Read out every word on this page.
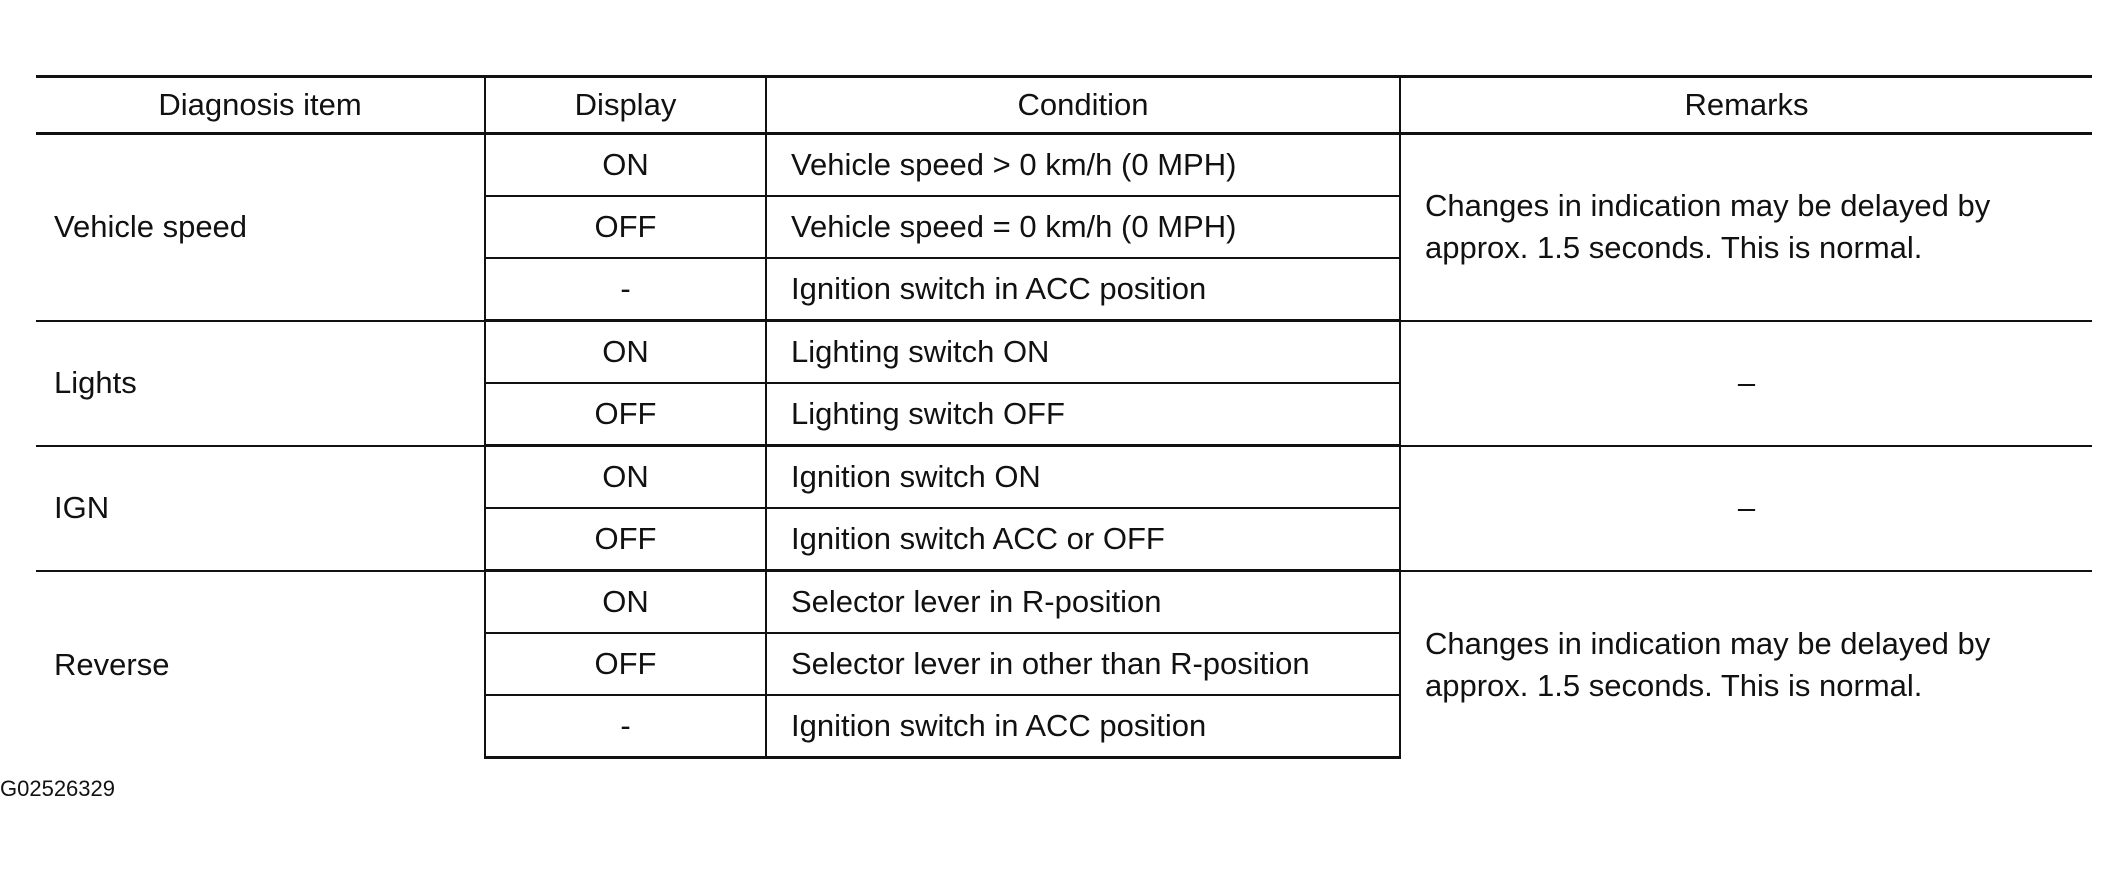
Diagnosis item	Display	Condition	Remarks
Vehicle speed	ON	Vehicle speed > 0 km/h (0 MPH)	Changes in indication may be delayed by approx. 1.5 seconds. This is normal.
	OFF	Vehicle speed = 0 km/h (0 MPH)	
	-	Ignition switch in ACC position	
Lights	ON	Lighting switch ON	–
	OFF	Lighting switch OFF	
IGN	ON	Ignition switch ON	–
	OFF	Ignition switch ACC or OFF	
Reverse	ON	Selector lever in R-position	Changes in indication may be delayed by approx. 1.5 seconds. This is normal.
	OFF	Selector lever in other than R-position	
	-	Ignition switch in ACC position	
G02526329
